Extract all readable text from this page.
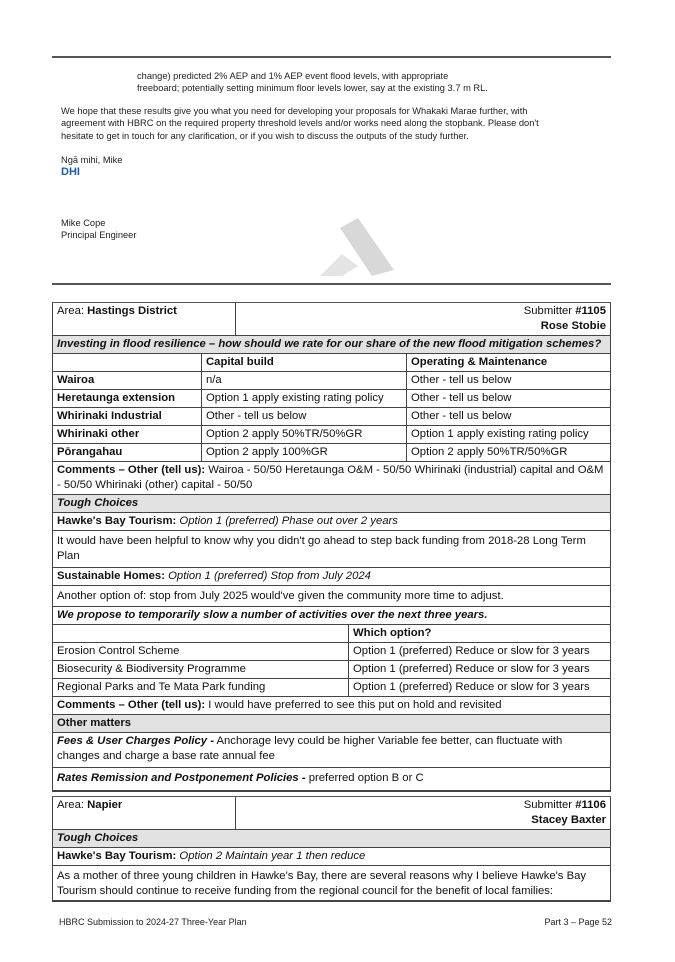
change) predicted 2% AEP and 1% AEP event flood levels, with appropriate

freeboard; potentially setting minimum floor levels lower, say at the existing 3.7 m RL.

We hope that these results give you what you need for developing your proposals for Whakaki Marae further, with agreement with HBRC on the required property threshold levels and/or works need along the stopbank. Please don't hesitate to get in touch for any clarification, or if you wish to discuss the outputs of the study further.

Ngā mihi, Mike

DHI

Mike Cope

Principal Engineer

Area: Hastings District	Submitter #1105
Rose Stobie
Investing in flood resilience – how should we rate for our share of the new flood mitigation schemes?
	Capital build	Operating & Maintenance
Wairoa	n/a	Other - tell us below
Heretaunga extension	Option 1 apply existing rating policy	Other - tell us below
Whirinaki Industrial	Other - tell us below	Other - tell us below
Whirinaki other	Option 2 apply 50%TR/50%GR	Option 1 apply existing rating policy
Pōrangahau	Option 2 apply 100%GR	Option 2 apply 50%TR/50%GR
Comments – Other (tell us): Wairoa - 50/50 Heretaunga O&M - 50/50 Whirinaki (industrial) capital and O&M - 50/50 Whirinaki (other) capital - 50/50
Tough Choices
Hawke's Bay Tourism: Option 1 (preferred) Phase out over 2 years
It would have been helpful to know why you didn't go ahead to step back funding from 2018-28 Long Term Plan
Sustainable Homes: Option 1 (preferred) Stop from July 2024
Another option of: stop from July 2025 would've given the community more time to adjust.
We propose to temporarily slow a number of activities over the next three years.
	Which option?
Erosion Control Scheme	Option 1 (preferred) Reduce or slow for 3 years
Biosecurity & Biodiversity Programme	Option 1 (preferred) Reduce or slow for 3 years
Regional Parks and Te Mata Park funding	Option 1 (preferred) Reduce or slow for 3 years
Comments – Other (tell us): I would have preferred to see this put on hold and revisited
Other matters
Fees & User Charges Policy - Anchorage levy could be higher Variable fee better, can fluctuate with changes and charge a base rate annual fee
Rates Remission and Postponement Policies - preferred option B or C
Area: Napier	Submitter #1106
Stacey Baxter
Tough Choices
Hawke's Bay Tourism: Option 2 Maintain year 1 then reduce
As a mother of three young children in Hawke's Bay, there are several reasons why I believe Hawke's Bay Tourism should continue to receive funding from the regional council for the benefit of local families:
HBRC Submission to 2024-27 Three-Year Plan	Part 3 – Page 52
